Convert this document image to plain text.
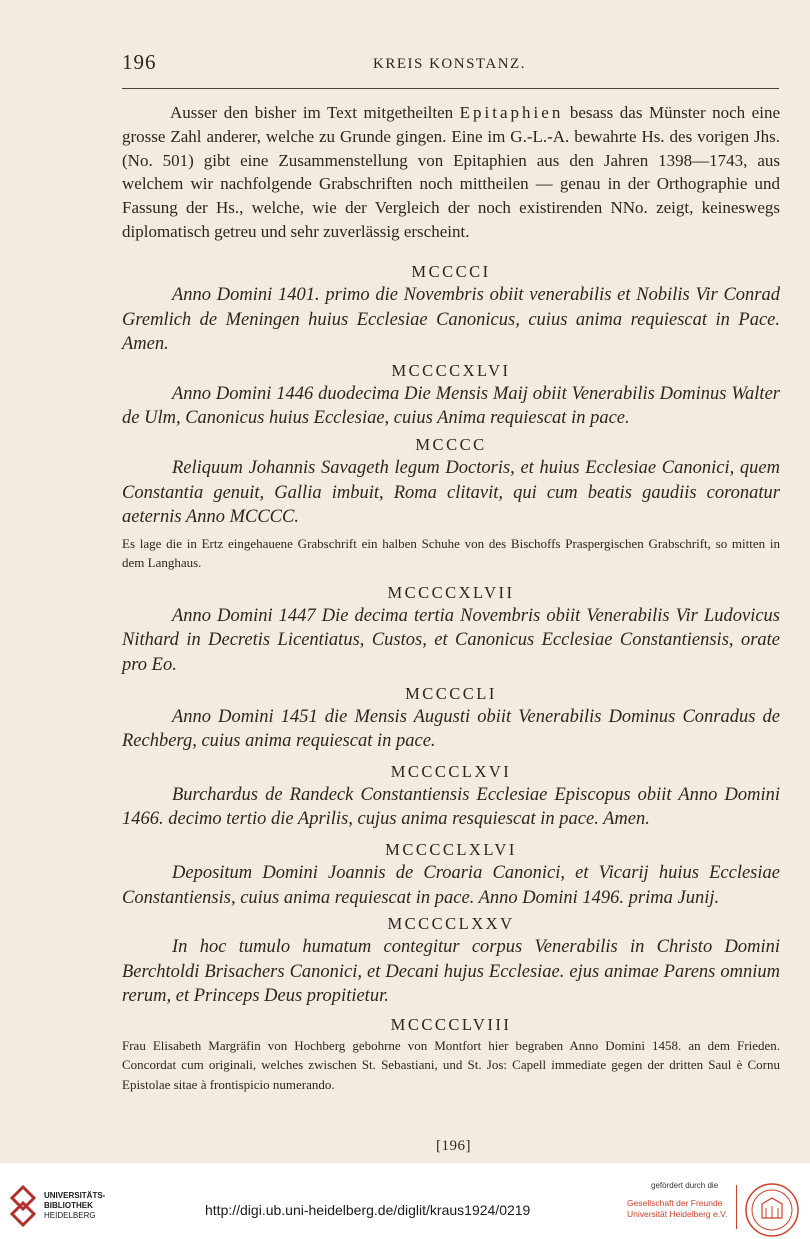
196	KREIS KONSTANZ.
Ausser den bisher im Text mitgetheilten Epitaphien besass das Münster noch eine grosse Zahl anderer, welche zu Grunde gingen. Eine im G.-L.-A. bewahrte Hs. des vorigen Jhs. (No. 501) gibt eine Zusammenstellung von Epitaphien aus den Jahren 1398—1743, aus welchem wir nachfolgende Grabschriften noch mittheilen — genau in der Orthographie und Fassung der Hs., welche, wie der Vergleich der noch existirenden NNo. zeigt, keineswegs diplomatisch getreu und sehr zuverlässig erscheint.
MCCCCI

Anno Domini 1401. primo die Novembris obiit venerabilis et Nobilis Vir Conrad Gremlich de Meningen huius Ecclesiae Canonicus, cuius anima requiescat in Pace. Amen.

MCCCCXLVI

Anno Domini 1446 duodecima Die Mensis Maij obiit Venerabilis Dominus Walter de Ulm, Canonicus huius Ecclesiae, cuius Anima requiescat in pace.

MCCCC

Reliquum Johannis Savageth legum Doctoris, et huius Ecclesiae Canonici, quem Constantia genuit, Gallia imbuit, Roma clitavit, qui cum beatis gaudiis coronatur aeternis Anno MCCCC.

Es lage die in Ertz eingehauene Grabschrift ein halben Schuhe von des Bischoffs Praspergischen Grabschrift, so mitten in dem Langhaus.

MCCCCXLVII

Anno Domini 1447 Die decima tertia Novembris obiit Venerabilis Vir Ludovicus Nithard in Decretis Licentiatus, Custos, et Canonicus Ecclesiae Constantiensis, orate pro Eo.

MCCCCLI

Anno Domini 1451 die Mensis Augusti obiit Venerabilis Dominus Conradus de Rechberg, cuius anima requiescat in pace.

MCCCCLXVI

Burchardus de Randeck Constantiensis Ecclesiae Episcopus obiit Anno Domini 1466. decimo tertio die Aprilis, cujus anima resquiescat in pace. Amen.

MCCCCLXLVI

Depositum Domini Joannis de Croaria Canonici, et Vicarij huius Ecclesiae Constantiensis, cuius anima requiescat in pace. Anno Domini 1496. prima Junij.

MCCCCLXXV

In hoc tumulo humatum contegitur corpus Venerabilis in Christo Domini Berchtoldi Brisachers Canonici, et Decani hujus Ecclesiae. ejus animae Parens omnium rerum, et Princeps Deus propitietur.

MCCCCLVIII

Frau Elisabeth Margräfin von Hochberg gebohrne von Montfort hier begraben Anno Domini 1458. an dem Frieden. Concordat cum originali, welches zwischen St. Sebastiani, und St. Jos: Capell immediate gegen der dritten Saul è Cornu Epistolae sitae à frontispicio numerando.

[196]
UNIVERSITÄTS-
BIBLIOTHEK
HEIDELBERG	http://digi.ub.uni-heidelberg.de/diglit/kraus1924/0219
gefördert durch die
Gesellschaft der Freunde
Universität Heidelberg e.V.
